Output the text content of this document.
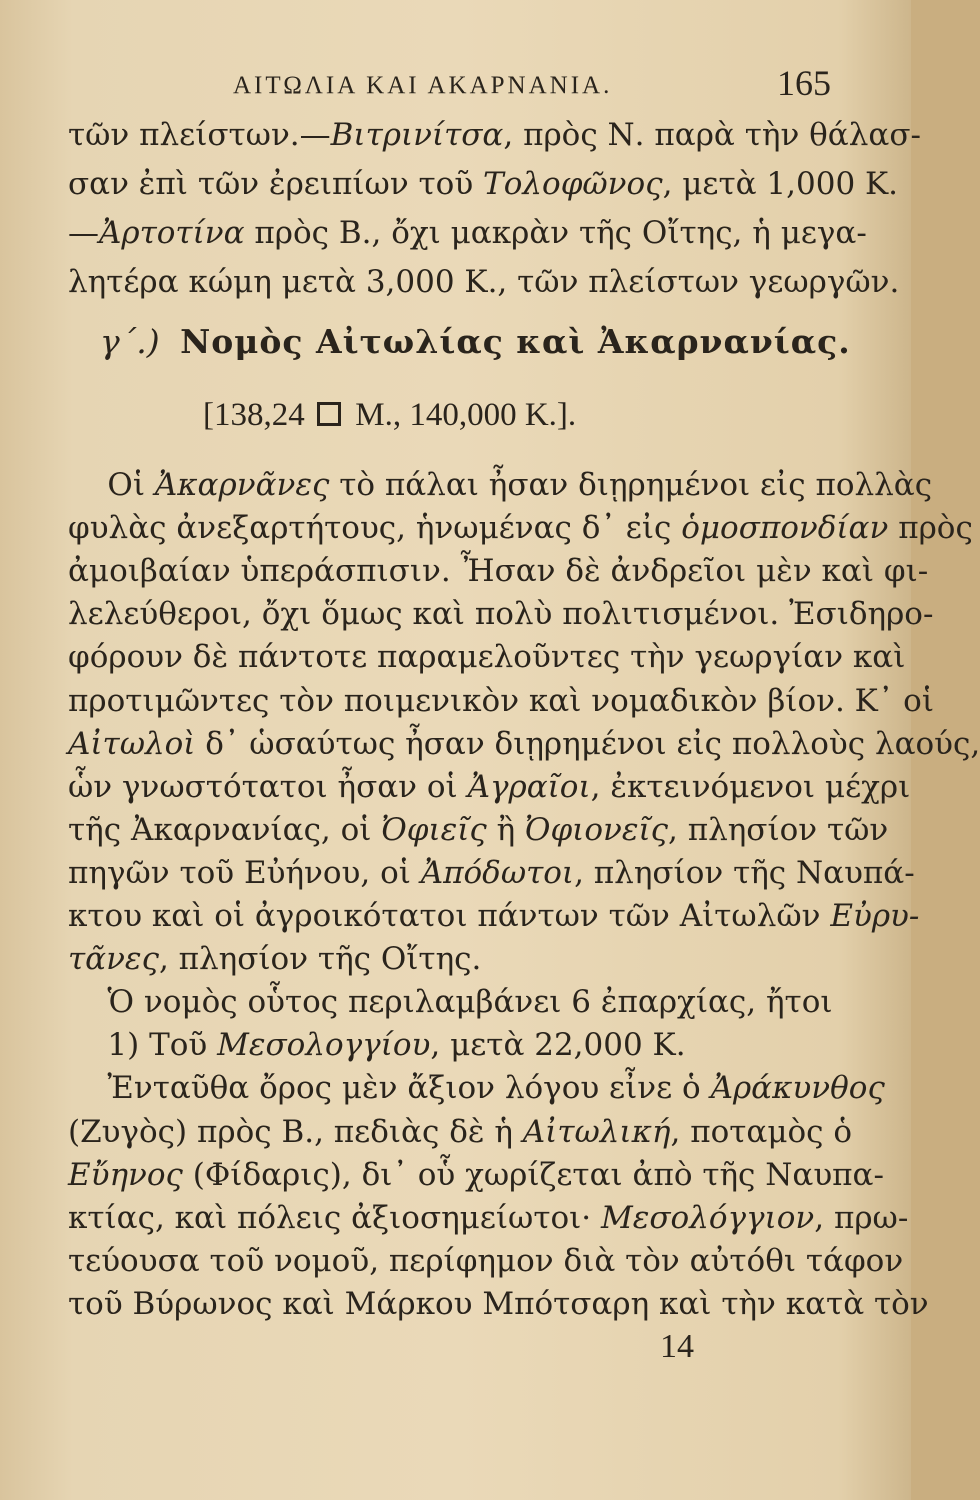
ΑΙΤΩΛΙΑ ΚΑΙ ΑΚΑΡΝΑΝΙΑ.	165
τῶν πλείστων.—Βιτρινίτσα, πρὸς Ν. παρὰ τὴν θάλασ-
σαν ἐπὶ τῶν ἐρειπίων τοῦ Τολοφῶνος, μετὰ 1,000 Κ.
—Ἀρτοτίνα πρὸς Β., ὄχι μακρὰν τῆς Οἴτης, ἡ μεγα-
λητέρα κώμη μετὰ 3,000 Κ., τῶν πλείστων γεωργῶν.
γ΄.) Νομὸς Αἰτωλίας καὶ Ἀκαρνανίας.
[138,24 Μ., 140,000 Κ.].
Οἱ Ἀκαρνᾶνες τὸ πάλαι ἦσαν διῃρημένοι εἰς πολλὰς
φυλὰς ἀνεξαρτήτους, ἡνωμένας δ᾽ εἰς ὁμοσπονδίαν πρὸς
ἀμοιβαίαν ὑπεράσπισιν. Ἦσαν δὲ ἀνδρεῖοι μὲν καὶ φι-
λελεύθεροι, ὄχι ὅμως καὶ πολὺ πολιτισμένοι. Ἐσιδηρο-
φόρουν δὲ πάντοτε παραμελοῦντες τὴν γεωργίαν καὶ
προτιμῶντες τὸν ποιμενικὸν καὶ νομαδικὸν βίον. Κ᾽ οἱ
Αἰτωλοὶ δ᾽ ὡσαύτως ἦσαν διῃρημένοι εἰς πολλοὺς λαούς,
ὧν γνωστότατοι ἦσαν οἱ Ἀγραῖοι, ἐκτεινόμενοι μέχρι
τῆς Ἀκαρνανίας, οἱ Ὀφιεῖς ἢ Ὀφιονεῖς, πλησίον τῶν
πηγῶν τοῦ Εὐήνου, οἱ Ἀπόδωτοι, πλησίον τῆς Ναυπά-
κτου καὶ οἱ ἀγροικότατοι πάντων τῶν Αἰτωλῶν Εὐρυ-
τᾶνες, πλησίον τῆς Οἴτης.
Ὁ νομὸς οὗτος περιλαμβάνει 6 ἐπαρχίας, ἤτοι
1) Τοῦ Μεσολογγίου, μετὰ 22,000 Κ.
Ἐνταῦθα ὄρος μὲν ἄξιον λόγου εἶνε ὁ Ἀράκυνθος
(Ζυγὸς) πρὸς Β., πεδιὰς δὲ ἡ Αἰτωλική, ποταμὸς ὁ
Εὔηνος (Φίδαρις), δι᾽ οὗ χωρίζεται ἀπὸ τῆς Ναυπα-
κτίας, καὶ πόλεις ἀξιοσημείωτοι· Μεσολόγγιον, πρω-
τεύουσα τοῦ νομοῦ, περίφημον διὰ τὸν αὐτόθι τάφον
τοῦ Βύρωνος καὶ Μάρκου Μπότσαρη καὶ τὴν κατὰ τὸν
14
